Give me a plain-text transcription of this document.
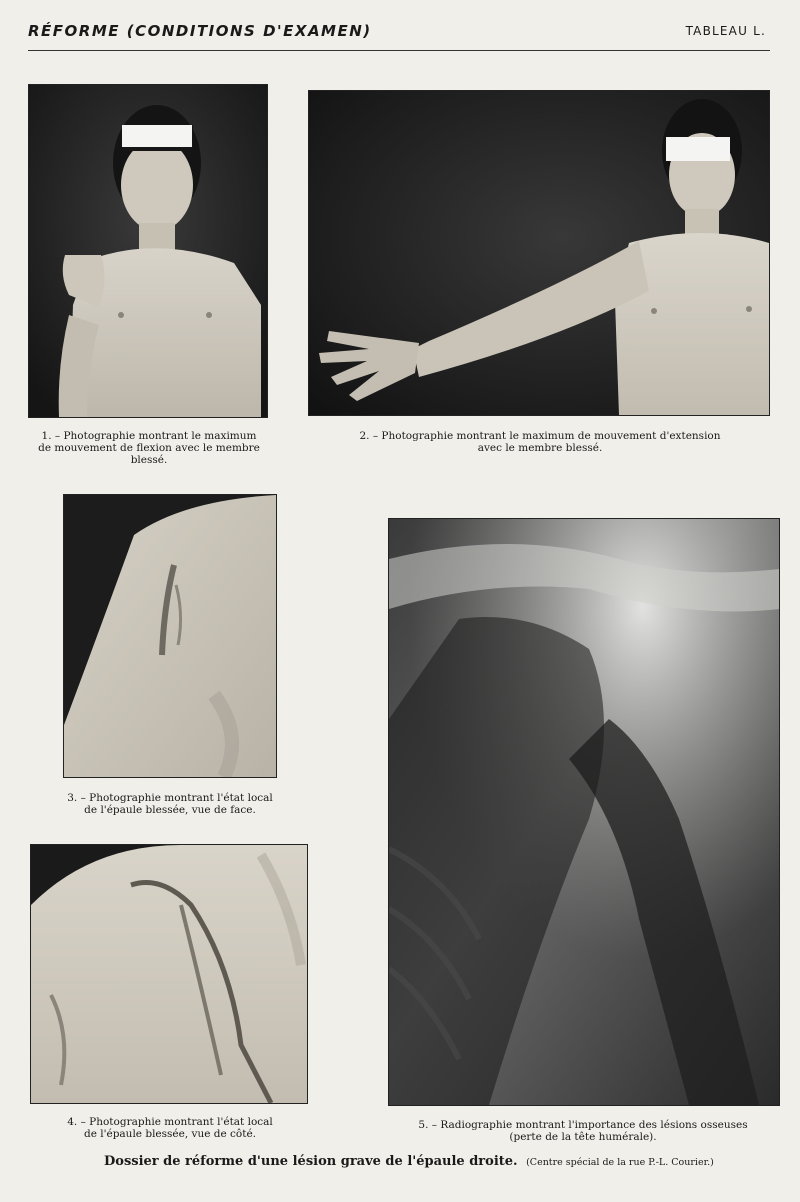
RÉFORME (CONDITIONS D'EXAMEN)	TABLEAU L.
1. – Photographie montrant le maximum
de mouvement de flexion avec le membre
blessé.
2. – Photographie montrant le maximum de mouvement d'extension
avec le membre blessé.
3. – Photographie montrant l'état local
de l'épaule blessée, vue de face.
4. – Photographie montrant l'état local
de l'épaule blessée, vue de côté.
5. – Radiographie montrant l'importance des lésions osseuses
(perte de la tête humérale).
Dossier de réforme d'une lésion grave de l'épaule droite. (Centre spécial de la rue P.-L. Courier.)
